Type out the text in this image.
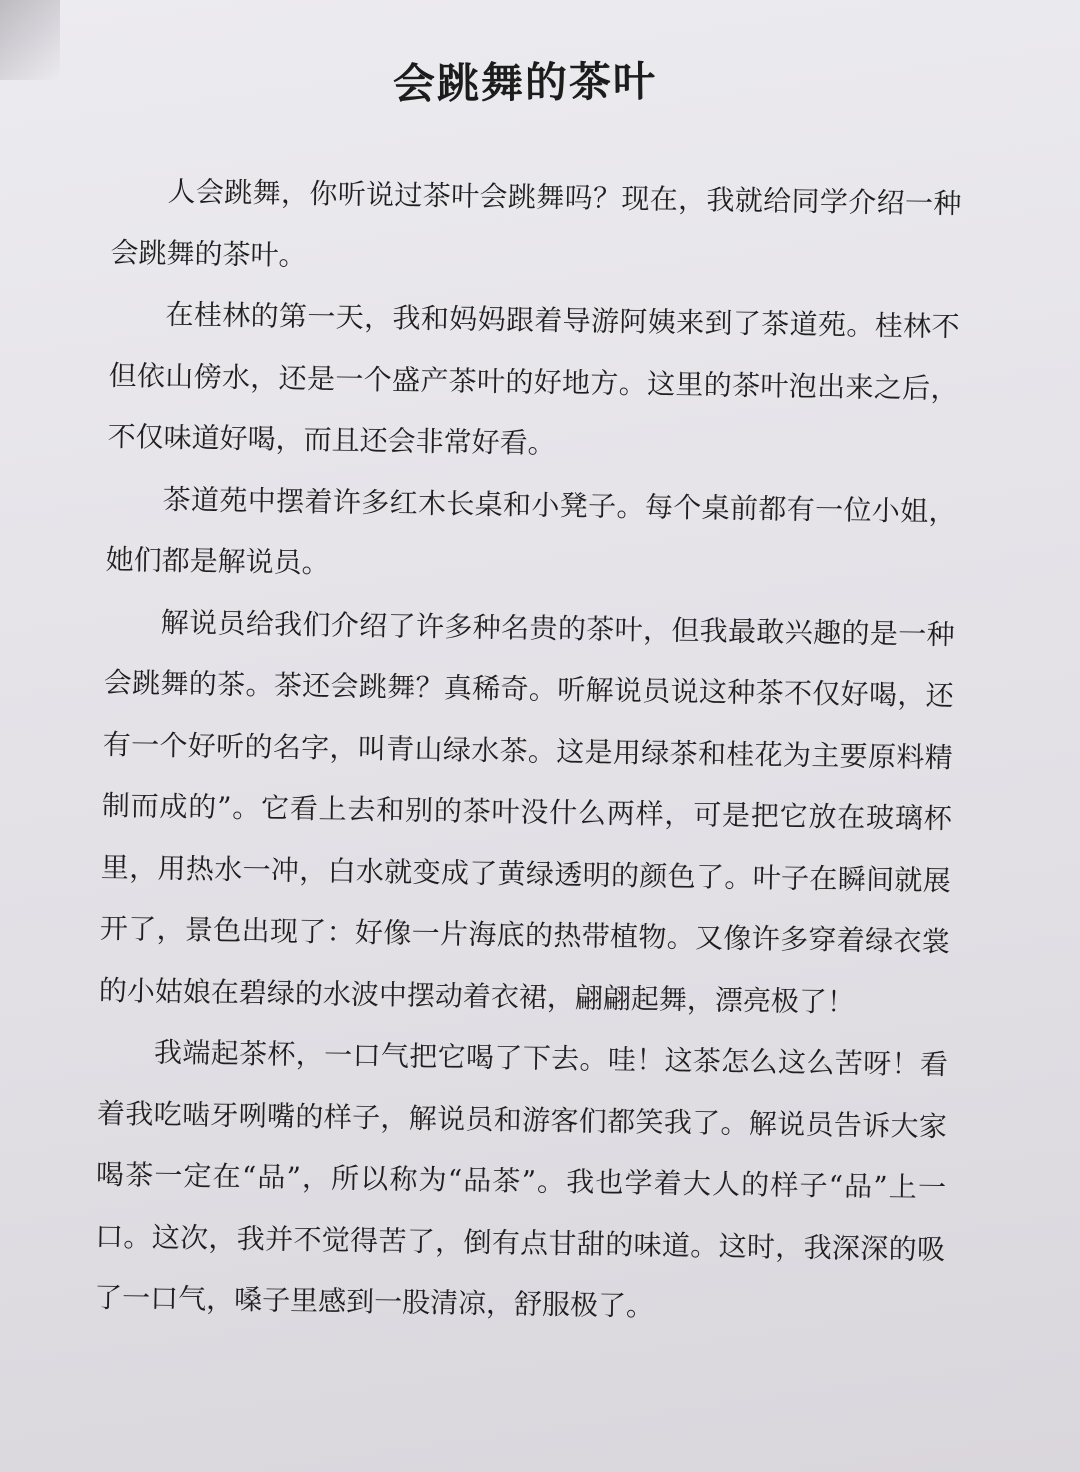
会跳舞的茶叶

人会跳舞，你听说过茶叶会跳舞吗？现在，我就给同学介绍一种会跳舞的茶叶。

在桂林的第一天，我和妈妈跟着导游阿姨来到了茶道苑。桂林不但依山傍水，还是一个盛产茶叶的好地方。这里的茶叶泡出来之后，不仅味道好喝，而且还会非常好看。

茶道苑中摆着许多红木长桌和小凳子。每个桌前都有一位小姐，她们都是解说员。

解说员给我们介绍了许多种名贵的茶叶，但我最敢兴趣的是一种会跳舞的茶。茶还会跳舞？真稀奇。听解说员说这种茶不仅好喝，还有一个好听的名字，叫青山绿水茶。这是用绿茶和桂花为主要原料精制而成的”。它看上去和别的茶叶没什么两样，可是把它放在玻璃杯里，用热水一冲，白水就变成了黄绿透明的颜色了。叶子在瞬间就展开了，景色出现了：好像一片海底的热带植物。又像许多穿着绿衣裳的小姑娘在碧绿的水波中摆动着衣裙，翩翩起舞，漂亮极了！

我端起茶杯，一口气把它喝了下去。哇！这茶怎么这么苦呀！看着我吃啮牙咧嘴的样子，解说员和游客们都笑我了。解说员告诉大家喝茶一定在“品”，所以称为“品茶”。我也学着大人的样子“品”上一口。这次，我并不觉得苦了，倒有点甘甜的味道。这时，我深深的吸了一口气，嗓子里感到一股清凉，舒服极了。
